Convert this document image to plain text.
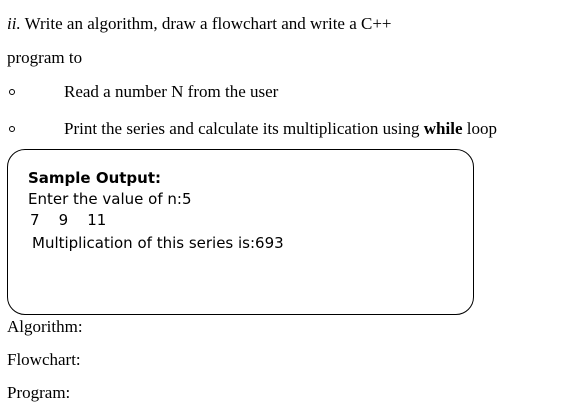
ii. Write an algorithm, draw a flowchart and write a C++
program to
Read a number N from the user
Print the series and calculate its multiplication using while loop
Sample Output:
Enter the value of n:5
7    9    11
Multiplication of this series is:693
Algorithm:
Flowchart:
Program:
